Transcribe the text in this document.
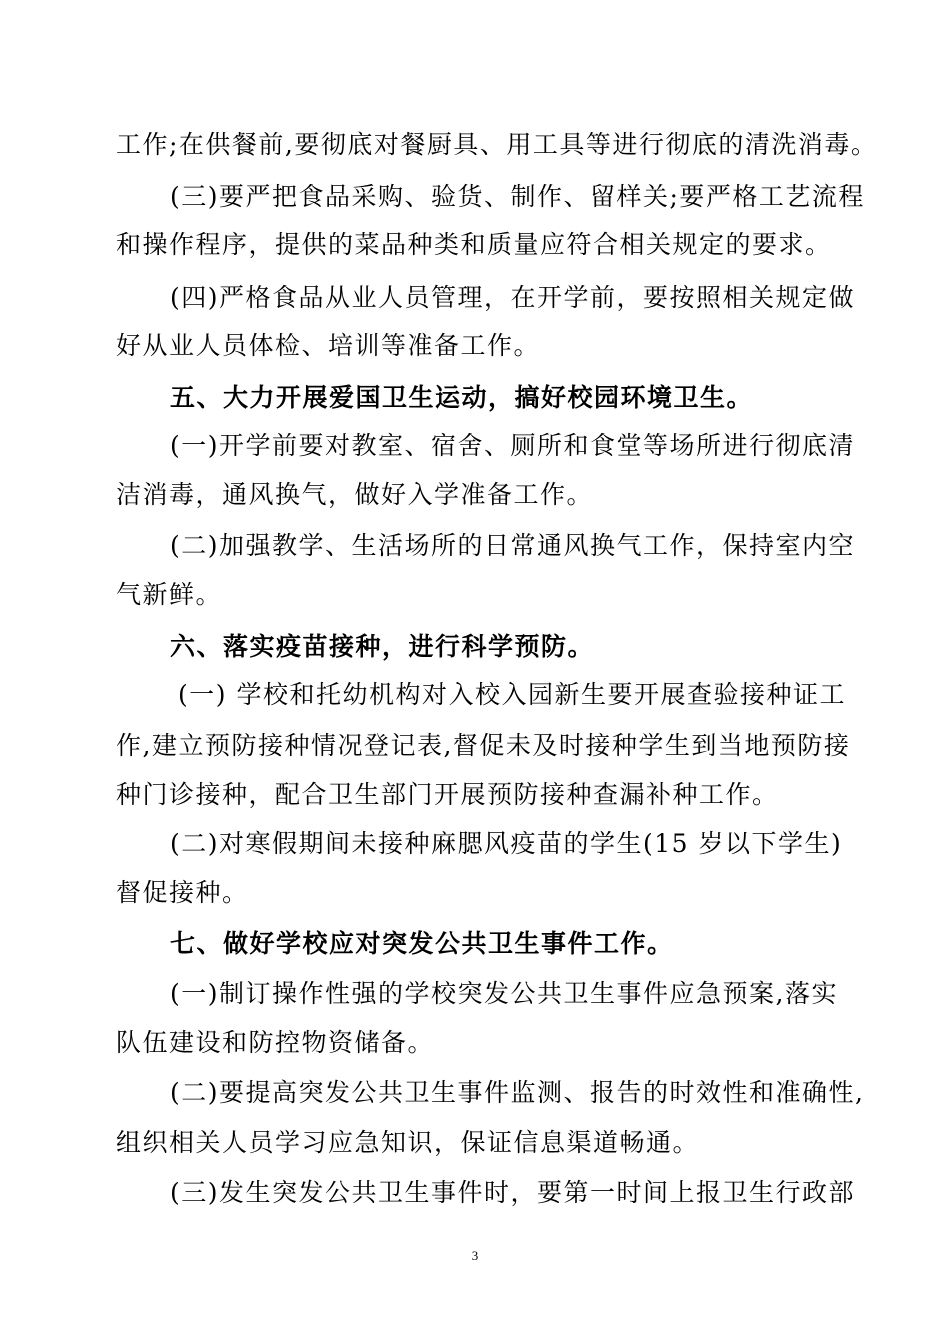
工作;在供餐前,要彻底对餐厨具、用工具等进行彻底的清洗消毒。
(三)要严把食品采购、验货、制作、留样关;要严格工艺流程
和操作程序，提供的菜品种类和质量应符合相关规定的要求。
(四)严格食品从业人员管理，在开学前，要按照相关规定做
好从业人员体检、培训等准备工作。
五、大力开展爱国卫生运动，搞好校园环境卫生。
(一)开学前要对教室、宿舍、厕所和食堂等场所进行彻底清
洁消毒，通风换气，做好入学准备工作。
(二)加强教学、生活场所的日常通风换气工作，保持室内空
气新鲜。
六、落实疫苗接种，进行科学预防。
(一) 学校和托幼机构对入校入园新生要开展查验接种证工
作,建立预防接种情况登记表,督促未及时接种学生到当地预防接
种门诊接种，配合卫生部门开展预防接种查漏补种工作。
(二)对寒假期间未接种麻腮风疫苗的学生(15 岁以下学生)
督促接种。
七、做好学校应对突发公共卫生事件工作。
(一)制订操作性强的学校突发公共卫生事件应急预案,落实
队伍建设和防控物资储备。
(二)要提高突发公共卫生事件监测、报告的时效性和准确性,
组织相关人员学习应急知识，保证信息渠道畅通。
(三)发生突发公共卫生事件时，要第一时间上报卫生行政部
3
